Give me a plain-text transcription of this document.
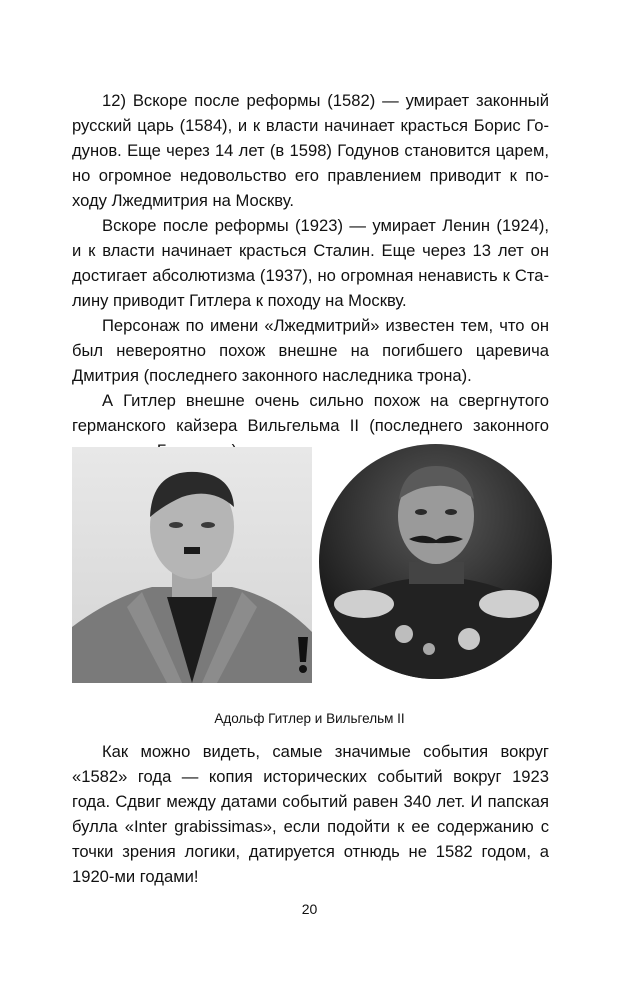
12) Вскоре после реформы (1582) — умирает законный русский царь (1584), и к власти начинает красться Борис Годунов. Еще через 14 лет (в 1598) Годунов становится царем, но огромное недовольство его правлением приводит к походу Лжедмитрия на Москву.

Вскоре после реформы (1923) — умирает Ленин (1924), и к власти начинает красться Сталин. Еще через 13 лет он достигает абсолютизма (1937), но огромная ненависть к Сталину приводит Гитлера к походу на Москву.

Персонаж по имени «Лжедмитрий» известен тем, что он был невероятно похож внешне на погибшего царевича Дмитрия (последнего законного наследника трона).

А Гитлер внешне очень сильно похож на свергнутого германского кайзера Вильгельма II (последнего законного

Адольф Гитлер и Вильгельм II

Как можно видеть, самые значимые события вокруг «1582» года — копия исторических событий вокруг 1923 года. Сдвиг между датами событий равен 340 лет. И папская булла «Inter grabissimas», если подойти к ее содержанию с точки зрения логики, датируется отнюдь не 1582 годом, а 1920-ми годами!

20
